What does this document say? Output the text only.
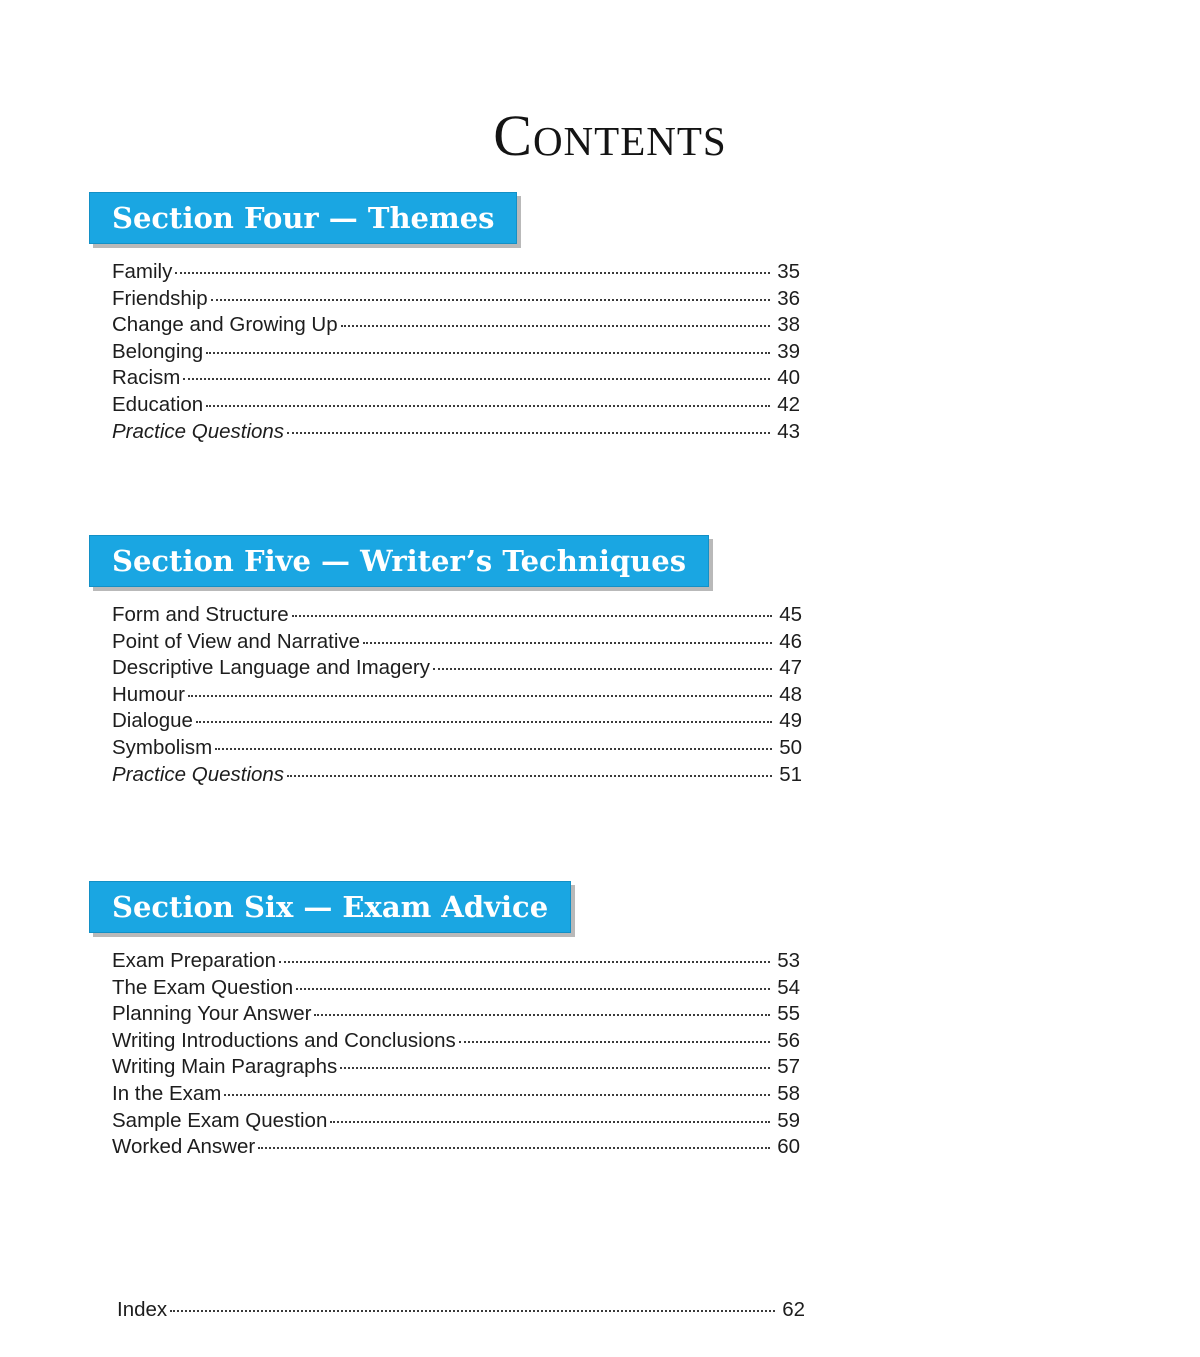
Contents
Section Four — Themes
Family	35
Friendship	36
Change and Growing Up	38
Belonging	39
Racism	40
Education	42
Practice Questions	43
Section Five — Writer’s Techniques
Form and Structure	45
Point of View and Narrative	46
Descriptive Language and Imagery	47
Humour	48
Dialogue	49
Symbolism	50
Practice Questions	51
Section Six — Exam Advice
Exam Preparation	53
The Exam Question	54
Planning Your Answer	55
Writing Introductions and Conclusions	56
Writing Main Paragraphs	57
In the Exam	58
Sample Exam Question	59
Worked Answer	60
Index	62
